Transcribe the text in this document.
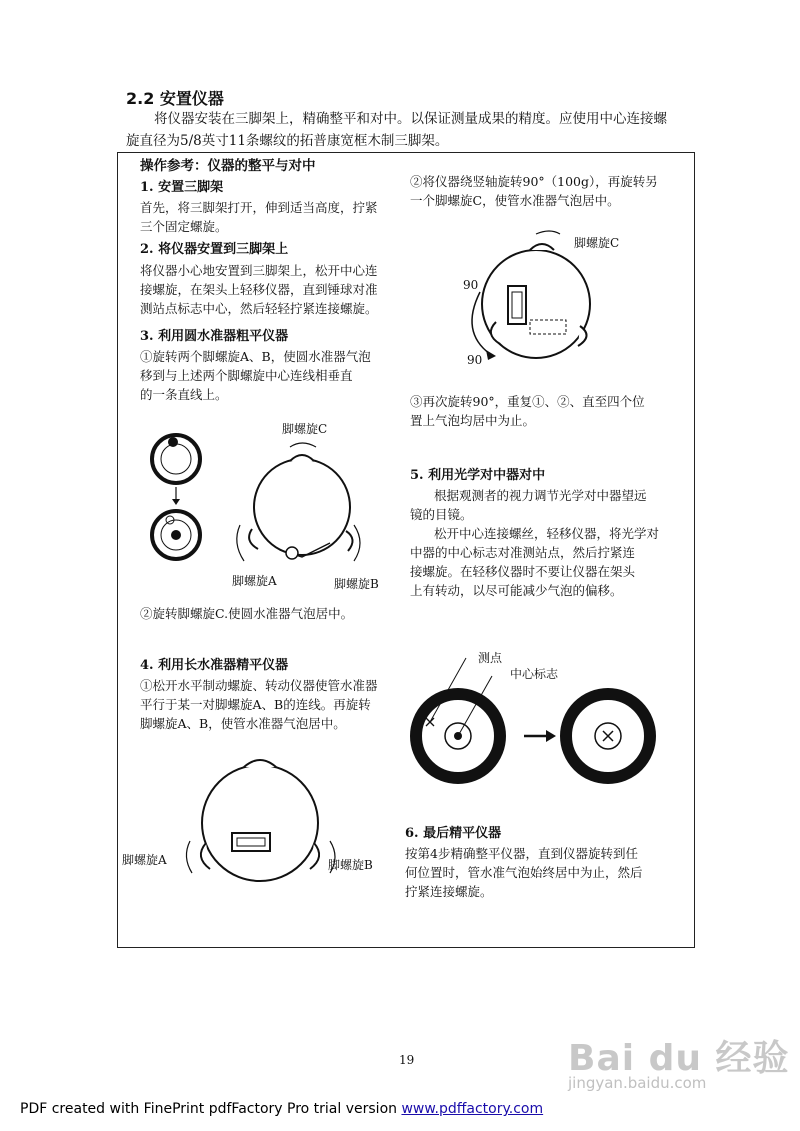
2.2 安置仪器

将仪器安装在三脚架上，精确整平和对中。以保证测量成果的精度。应使用中心连接螺

旋直径为5/8英寸11条螺纹的拓普康宽框木制三脚架。

操作参考：仪器的整平与对中
1. 安置三脚架

首先，将三脚架打开，伸到适当高度，拧紧

三个固定螺旋。

2. 将仪器安置到三脚架上

将仪器小心地安置到三脚架上，松开中心连

接螺旋，在架头上轻移仪器，直到锤球对准

测站点标志中心，然后轻轻拧紧连接螺旋。

3. 利用圆水准器粗平仪器

①旋转两个脚螺旋A、B，使圆水准器气泡

移到与上述两个脚螺旋中心连线相垂直

的一条直线上。

脚螺旋C
脚螺旋A	脚螺旋B
②旋转脚螺旋C.使圆水准器气泡居中。
4. 利用长水准器精平仪器

①松开水平制动螺旋、转动仪器使管水准器

平行于某一对脚螺旋A、B的连线。再旋转

脚螺旋A、B，使管水准器气泡居中。

脚螺旋A	脚螺旋B

②将仪器绕竖轴旋转90°（100g），再旋转另

一个脚螺旋C，使管水准器气泡居中。

脚螺旋C
90
90

③再次旋转90°，重复①、②、直至四个位

置上气泡均居中为止。

5. 利用光学对中器对中

根据观测者的视力调节光学对中器望远

镜的目镜。

松开中心连接螺丝，轻移仪器，将光学对

中器的中心标志对准测站点，然后拧紧连

接螺旋。在轻移仪器时不要让仪器在架头

上有转动，以尽可能减少气泡的偏移。

测点
中心标志
6. 最后精平仪器

按第4步精确整平仪器，直到仪器旋转到任

何位置时，管水准气泡始终居中为止，然后

拧紧连接螺旋。

19	Bai du 经验
jingyan.baidu.com
PDF created with FinePrint pdfFactory Pro trial version www.pdffactory.com
